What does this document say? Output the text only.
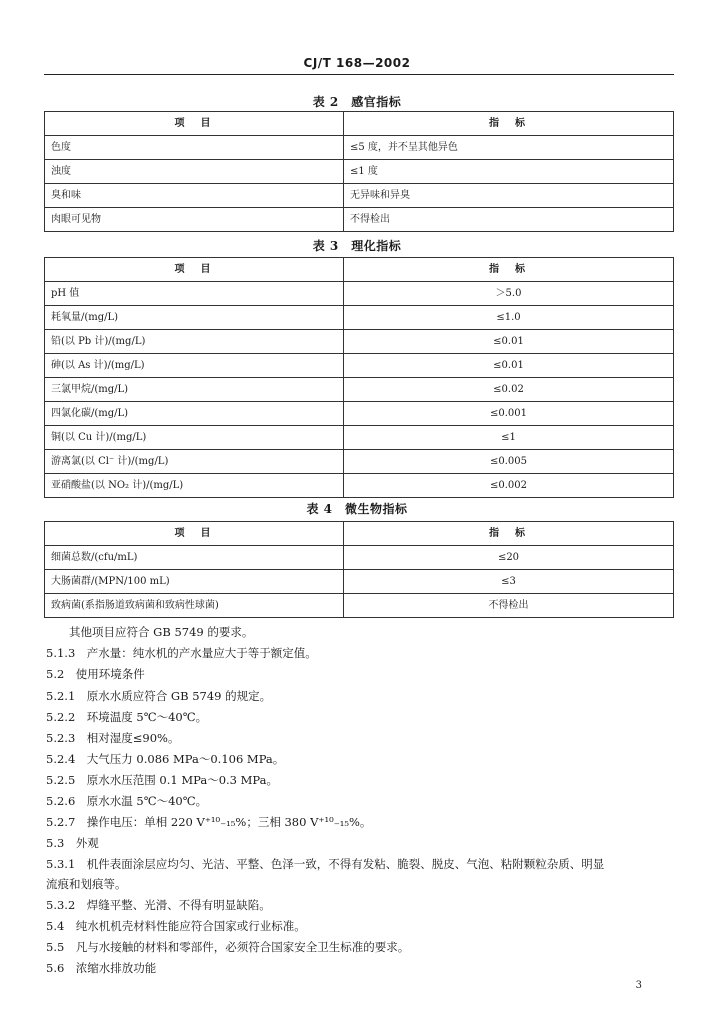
CJ/T 168—2002
表 2　感官指标
项　目	指　标
色度	≤5 度，并不呈其他异色
浊度	≤1 度
臭和味	无异味和异臭
肉眼可见物	不得检出
表 3　理化指标
项　目	指　标
pH 值	＞5.0
耗氧量/(mg/L)	≤1.0
铅(以 Pb 计)/(mg/L)	≤0.01
砷(以 As 计)/(mg/L)	≤0.01
三氯甲烷/(mg/L)	≤0.02
四氯化碳/(mg/L)	≤0.001
铜(以 Cu 计)/(mg/L)	≤1
游离氯(以 Cl⁻ 计)/(mg/L)	≤0.005
亚硝酸盐(以 NO₂ 计)/(mg/L)	≤0.002
表 4　微生物指标
项　目	指　标
细菌总数/(cfu/mL)	≤20
大肠菌群/(MPN/100 mL)	≤3
致病菌(系指肠道致病菌和致病性球菌)	不得检出
　　其他项目应符合 GB 5749 的要求。
5.1.3　产水量：纯水机的产水量应大于等于额定值。
5.2　使用环境条件
5.2.1　原水水质应符合 GB 5749 的规定。
5.2.2　环境温度 5℃～40℃。
5.2.3　相对湿度≤90%。
5.2.4　大气压力 0.086 MPa～0.106 MPa。
5.2.5　原水水压范围 0.1 MPa～0.3 MPa。
5.2.6　原水水温 5℃～40℃。
5.2.7　操作电压：单相 220 V⁺¹⁰₋₁₅%；三相 380 V⁺¹⁰₋₁₅%。
5.3　外观
5.3.1　机件表面涂层应均匀、光洁、平整、色泽一致，不得有发粘、脆裂、脱皮、气泡、粘附颗粒杂质、明显
流痕和划痕等。
5.3.2　焊缝平整、光滑、不得有明显缺陷。
5.4　纯水机机壳材料性能应符合国家或行业标准。
5.5　凡与水接触的材料和零部件，必须符合国家安全卫生标准的要求。
5.6　浓缩水排放功能
3
